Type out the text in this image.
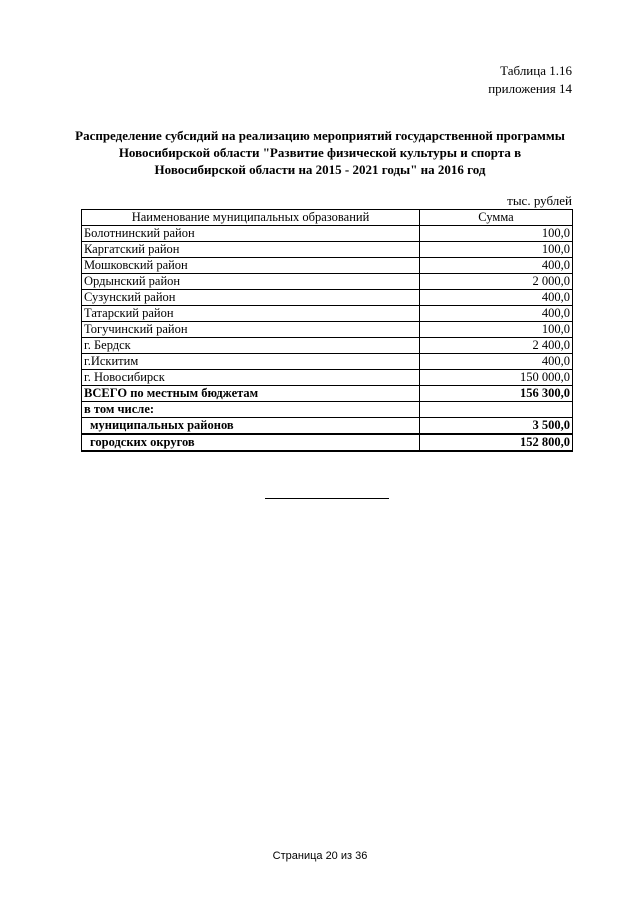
Таблица 1.16
приложения 14
Распределение субсидий на реализацию мероприятий государственной программы
Новосибирской области "Развитие физической культуры и спорта в
Новосибирской области на 2015 - 2021 годы" на 2016 год
тыс. рублей
Наименование муниципальных образований	Сумма
Болотнинский район	100,0
Каргатский район	100,0
Мошковский район	400,0
Ордынский район	2 000,0
Сузунский район	400,0
Татарский район	400,0
Тогучинский район	100,0
г. Бердск	2 400,0
г.Искитим	400,0
г. Новосибирск	150 000,0
ВСЕГО по местным бюджетам	156 300,0
в том числе:	
муниципальных районов	3 500,0
городских округов	152 800,0
Страница 20 из 36
